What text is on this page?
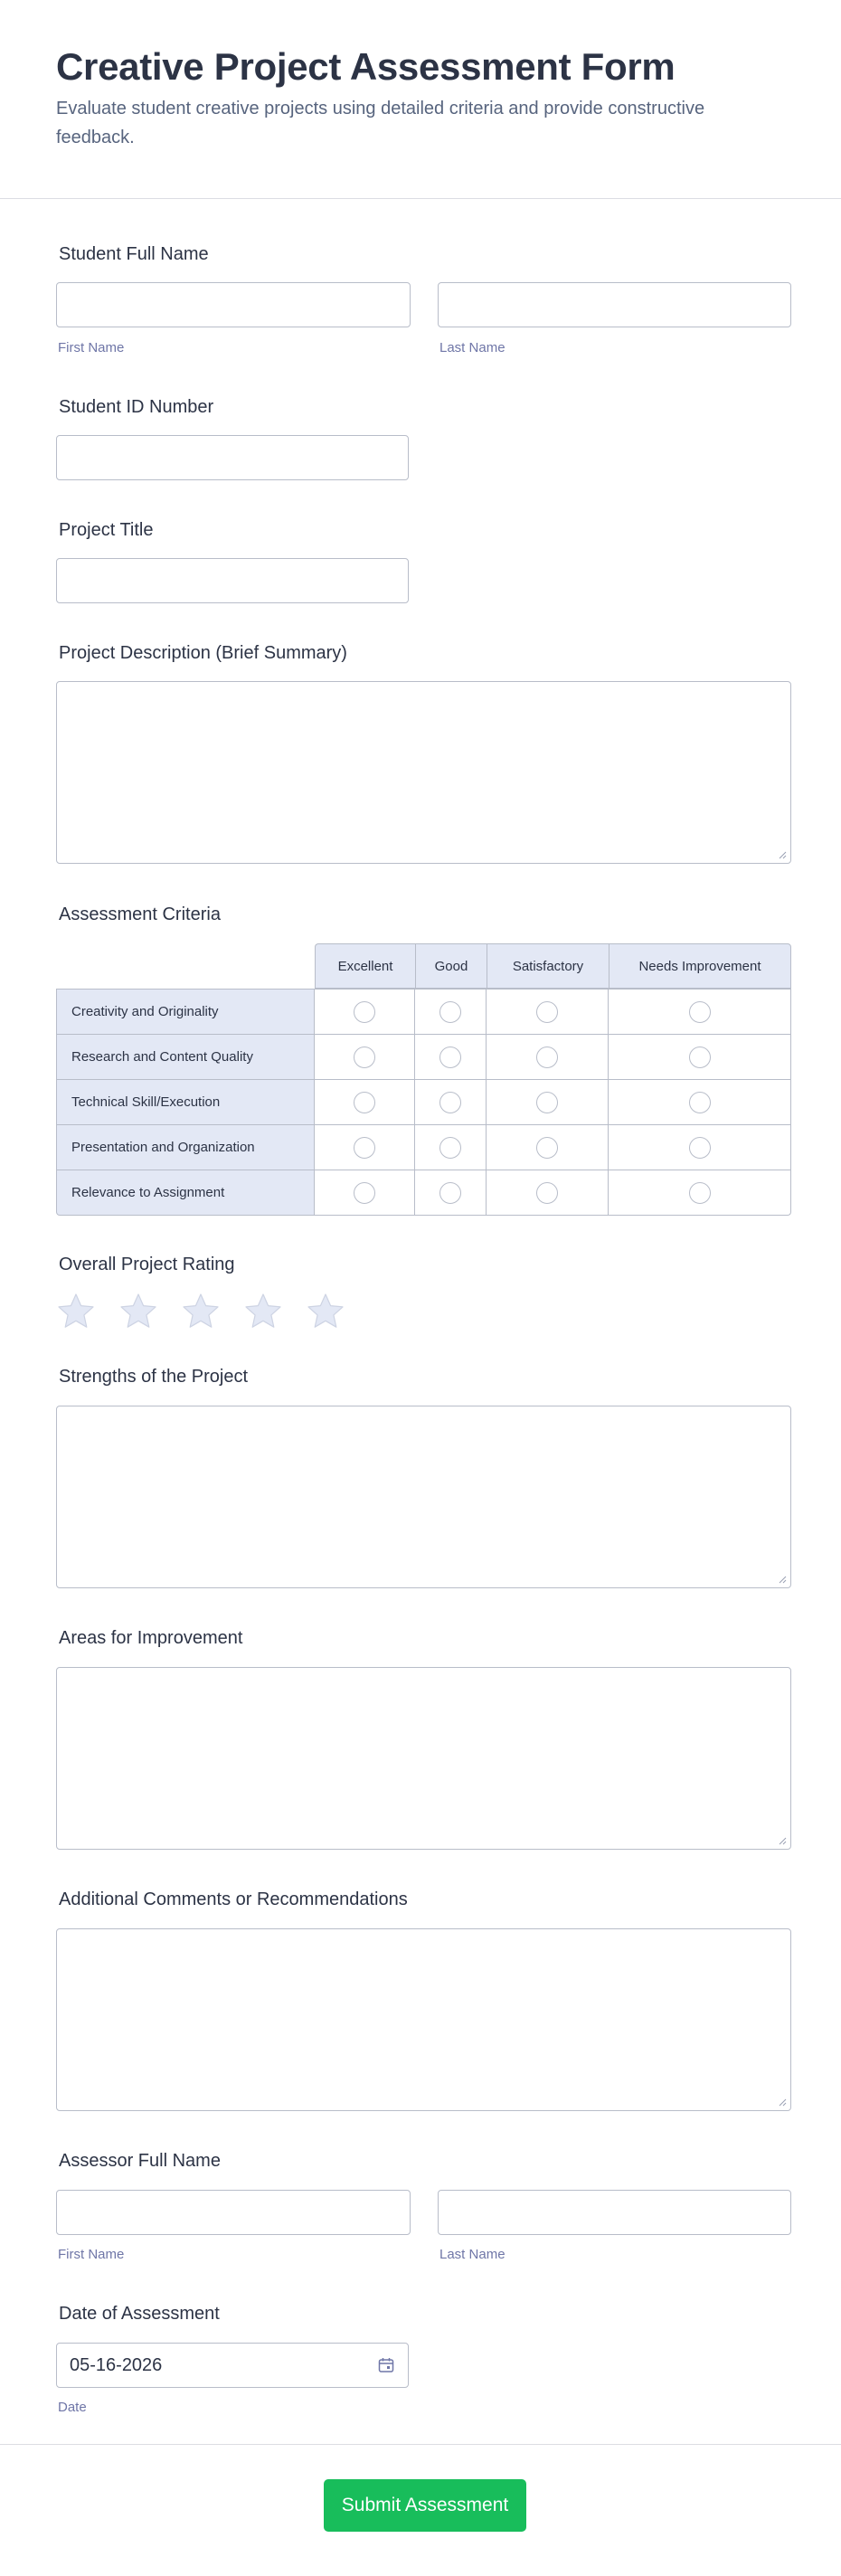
Creative Project Assessment Form
Evaluate student creative projects using detailed criteria and provide constructive feedback.
Student Full Name
First Name	Last Name
Student ID Number
Project Title
Project Description (Brief Summary)
Assessment Criteria
Excellent	Good	Satisfactory	Needs Improvement
Creativity and Originality
Research and Content Quality
Technical Skill/Execution
Presentation and Organization
Relevance to Assignment
Overall Project Rating
Strengths of the Project
Areas for Improvement
Additional Comments or Recommendations
Assessor Full Name
First Name	Last Name
Date of Assessment
05-16-2026
Date
Submit Assessment
